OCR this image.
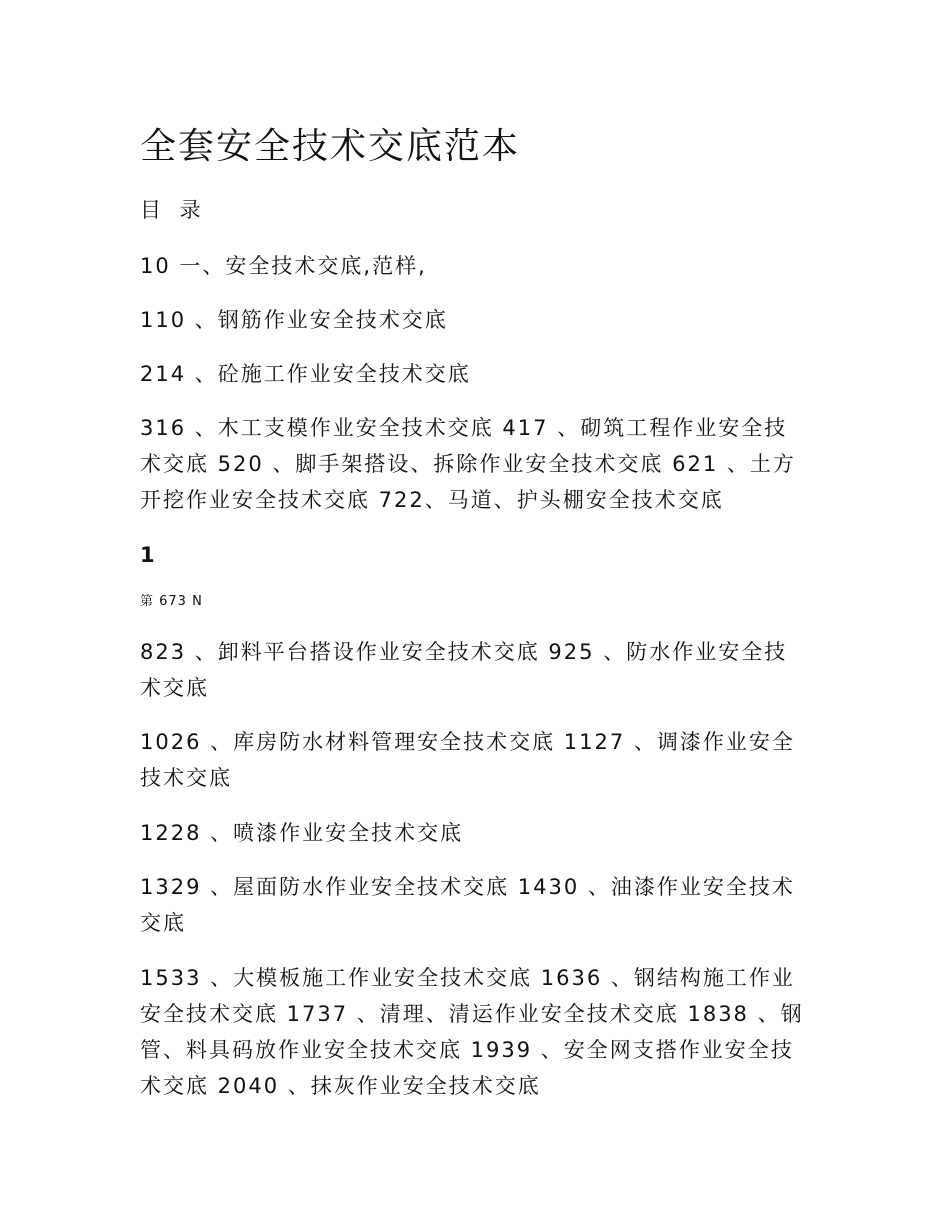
全套安全技术交底范本
目 录

10 一、安全技术交底,范样,

110 、钢筋作业安全技术交底

214 、砼施工作业安全技术交底

316 、木工支模作业安全技术交底 417 、砌筑工程作业安全技术交底 520 、脚手架搭设、拆除作业安全技术交底 621 、土方开挖作业安全技术交底 722、马道、护头棚安全技术交底

1
第 673 N

823 、卸料平台搭设作业安全技术交底 925 、防水作业安全技术交底

1026 、库房防水材料管理安全技术交底 1127 、调漆作业安全技术交底

1228 、喷漆作业安全技术交底

1329 、屋面防水作业安全技术交底 1430 、油漆作业安全技术交底

1533 、大模板施工作业安全技术交底 1636 、钢结构施工作业安全技术交底 1737 、清理、清运作业安全技术交底 1838 、钢管、料具码放作业安全技术交底 1939 、安全网支搭作业安全技术交底 2040 、抹灰作业安全技术交底
